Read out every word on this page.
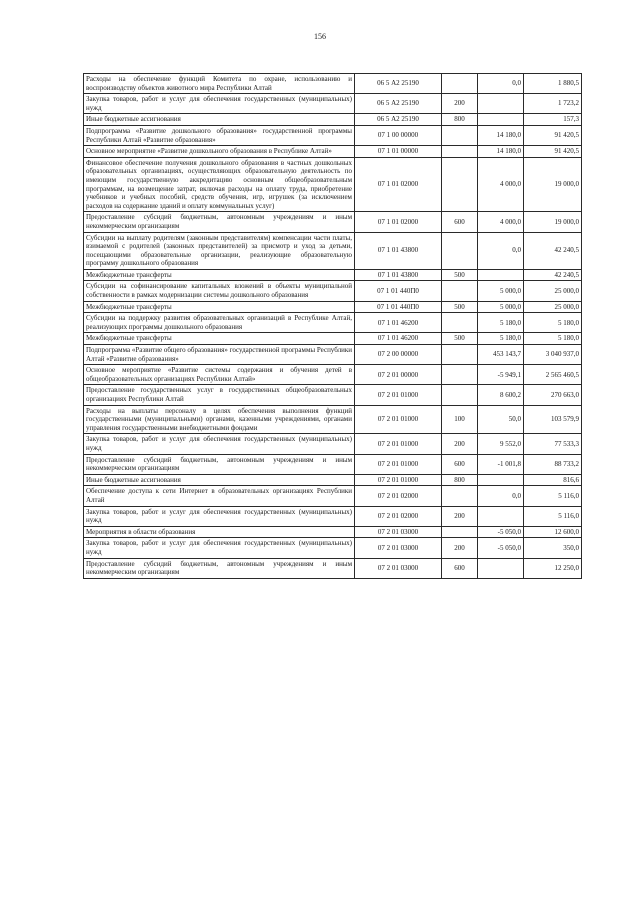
156
Расходы на обеспечение функций Комитета по охране, использованию и воспроизводству объектов животного мира Республики Алтай	06 5 А2 25190		0,0	1 880,5
Закупка товаров, работ и услуг для обеспечения государственных (муниципальных) нужд	06 5 А2 25190	200		1 723,2
Иные бюджетные ассигнования	06 5 А2 25190	800		157,3
Подпрограмма «Развитие дошкольного образования» государственной программы Республики Алтай «Развитие образования»	07 1 00 00000		14 180,0	91 420,5
Основное мероприятие «Развитие дошкольного образования в Республике Алтай»	07 1 01 00000		14 180,0	91 420,5
Финансовое обеспечение получения дошкольного образования в частных дошкольных образовательных организациях, осуществляющих образовательную деятельность по имеющим государственную аккредитацию основным общеобразовательным программам, на возмещение затрат, включая расходы на оплату труда, приобретение учебников и учебных пособий, средств обучения, игр, игрушек (за исключением расходов на содержание зданий и оплату коммунальных услуг)	07 1 01 02000		4 000,0	19 000,0
Предоставление субсидий бюджетным, автономным учреждениям и иным некоммерческим организациям	07 1 01 02000	600	4 000,0	19 000,0
Субсидии на выплату родителям (законным представителям) компенсации части платы, взимаемой с родителей (законных представителей) за присмотр и уход за детьми, посещающими образовательные организации, реализующие образовательную программу дошкольного образования	07 1 01 43800		0,0	42 240,5
Межбюджетные трансферты	07 1 01 43800	500		42 240,5
Субсидии на софинансирование капитальных вложений в объекты муниципальной собственности в рамках модернизации системы дошкольного образования	07 1 01 440П0		5 000,0	25 000,0
Межбюджетные трансферты	07 1 01 440П0	500	5 000,0	25 000,0
Субсидии на поддержку развития образовательных организаций в Республике Алтай, реализующих программы дошкольного образования	07 1 01 46200		5 180,0	5 180,0
Межбюджетные трансферты	07 1 01 46200	500	5 180,0	5 180,0
Подпрограмма «Развитие общего образования» государственной программы Республики Алтай «Развитие образования»	07 2 00 00000		453 143,7	3 040 937,0
Основное мероприятие «Развитие системы содержания и обучения детей в общеобразовательных организациях Республики Алтай»	07 2 01 00000		-5 949,1	2 565 460,5
Предоставление государственных услуг в государственных общеобразовательных организациях Республики Алтай	07 2 01 01000		8 600,2	270 663,0
Расходы на выплаты персоналу в целях обеспечения выполнения функций государственными (муниципальными) органами, казенными учреждениями, органами управления государственными внебюджетными фондами	07 2 01 01000	100	50,0	103 579,9
Закупка товаров, работ и услуг для обеспечения государственных (муниципальных) нужд	07 2 01 01000	200	9 552,0	77 533,3
Предоставление субсидий бюджетным, автономным учреждениям и иным некоммерческим организациям	07 2 01 01000	600	-1 001,8	88 733,2
Иные бюджетные ассигнования	07 2 01 01000	800		816,6
Обеспечение доступа к сети Интернет в образовательных организациях Республики Алтай	07 2 01 02000		0,0	5 116,0
Закупка товаров, работ и услуг для обеспечения государственных (муниципальных) нужд	07 2 01 02000	200		5 116,0
Мероприятия в области образования	07 2 01 03000		-5 050,0	12 600,0
Закупка товаров, работ и услуг для обеспечения государственных (муниципальных) нужд	07 2 01 03000	200	-5 050,0	350,0
Предоставление субсидий бюджетным, автономным учреждениям и иным некоммерческим организациям	07 2 01 03000	600		12 250,0
